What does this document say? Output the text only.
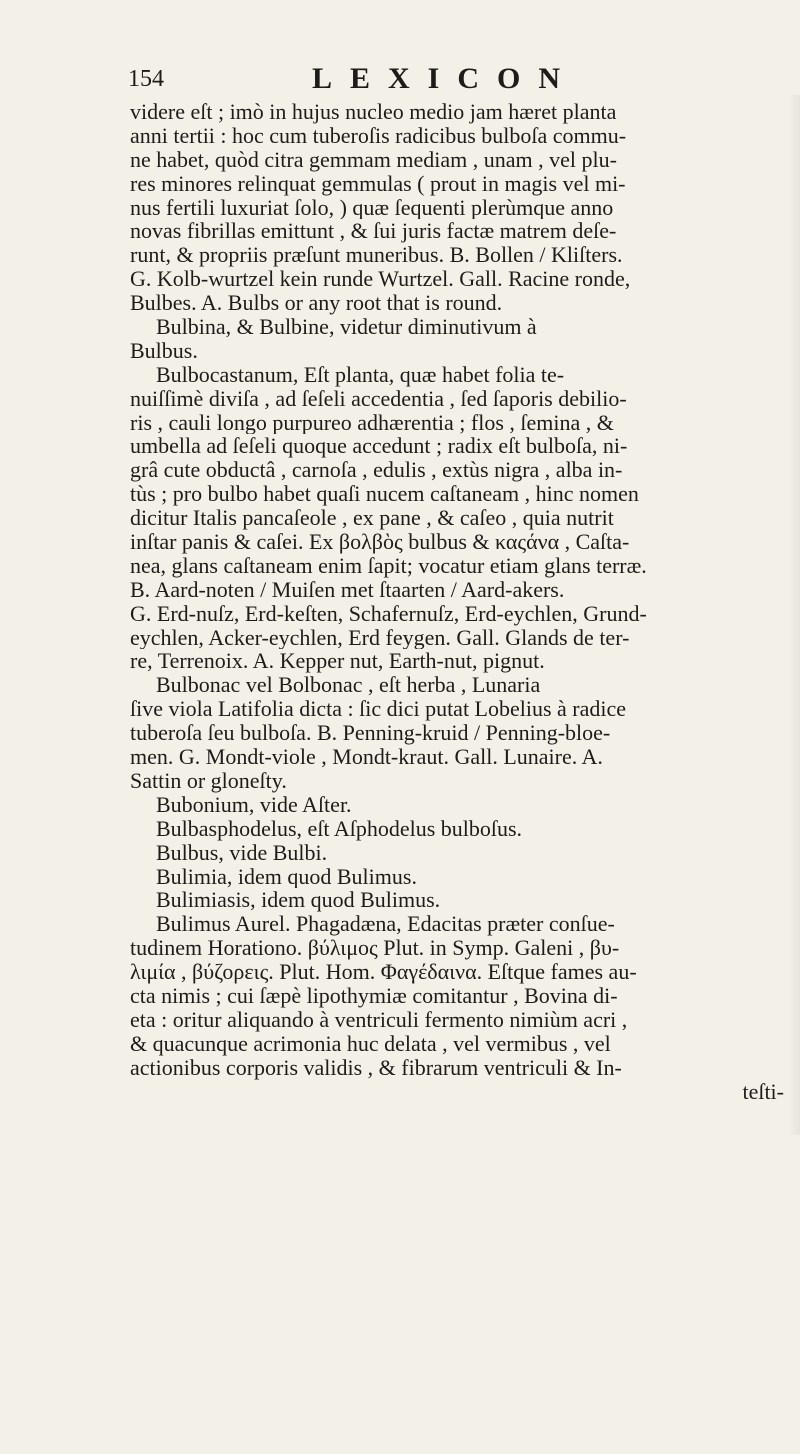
154	LEXICON
videre eſt ; imò in hujus nucleo medio jam hæret planta
anni tertii : hoc cum tuberoſis radicibus bulboſa commu-
ne habet, quòd citra gemmam mediam , unam , vel plu-
res minores relinquat gemmulas ( prout in magis vel mi-
nus fertili luxuriat ſolo, ) quæ ſequenti plerùmque anno
novas fibrillas emittunt , & ſui juris factæ matrem deſe-
runt, & propriis præſunt muneribus. B. Bollen / Kliſters.
G. Kolb-wurtzel kein runde Wurtzel. Gall. Racine ronde,
Bulbes. A. Bulbs or any root that is round.
Bulbina, & Bulbine, videtur diminutivum à
Bulbus.
Bulbocastanum, Eſt planta, quæ habet folia te-
nuiſſimè diviſa , ad ſeſeli accedentia , ſed ſaporis debilio-
ris , cauli longo purpureo adhærentia ; flos , ſemina , &
umbella ad ſeſeli quoque accedunt ; radix eſt bulboſa, ni-
grâ cute obductâ , carnoſa , edulis , extùs nigra , alba in-
tùs ; pro bulbo habet quaſi nucem caſtaneam , hinc nomen
dicitur Italis pancaſeole , ex pane , & caſeo , quia nutrit
inſtar panis & caſei. Ex βολβὸς bulbus & καςάνα , Caſta-
nea, glans caſtaneam enim ſapit; vocatur etiam glans terræ.
B. Aard-noten / Muiſen met ſtaarten / Aard-akers.
G. Erd-nuſz, Erd-keſten, Schafernuſz, Erd-eychlen, Grund-
eychlen, Acker-eychlen, Erd feygen. Gall. Glands de ter-
re, Terrenoix. A. Kepper nut, Earth-nut, pignut.
Bulbonac vel Bolbonac , eſt herba , Lunaria
ſive viola Latifolia dicta : ſic dici putat Lobelius à radice
tuberoſa ſeu bulboſa. B. Penning-kruid / Penning-bloe-
men. G. Mondt-viole , Mondt-kraut. Gall. Lunaire. A.
Sattin or gloneſty.
Bubonium, vide Aſter.
Bulbasphodelus, eſt Aſphodelus bulboſus.
Bulbus, vide Bulbi.
Bulimia, idem quod Bulimus.
Bulimiasis, idem quod Bulimus.
Bulimus Aurel. Phagadæna, Edacitas præter conſue-
tudinem Horationo. βύλιμος Plut. in Symp. Galeni , βυ-
λιμία , βύζορεις. Plut. Hom. Φαγέδαινα. Eſtque fames au-
cta nimis ; cui ſæpè lipothymiæ comitantur , Bovina di-
eta : oritur aliquando à ventriculi fermento nimiùm acri ,
& quacunque acrimonia huc delata , vel vermibus , vel
actionibus corporis validis , & fibrarum ventriculi & In-
teſti-
